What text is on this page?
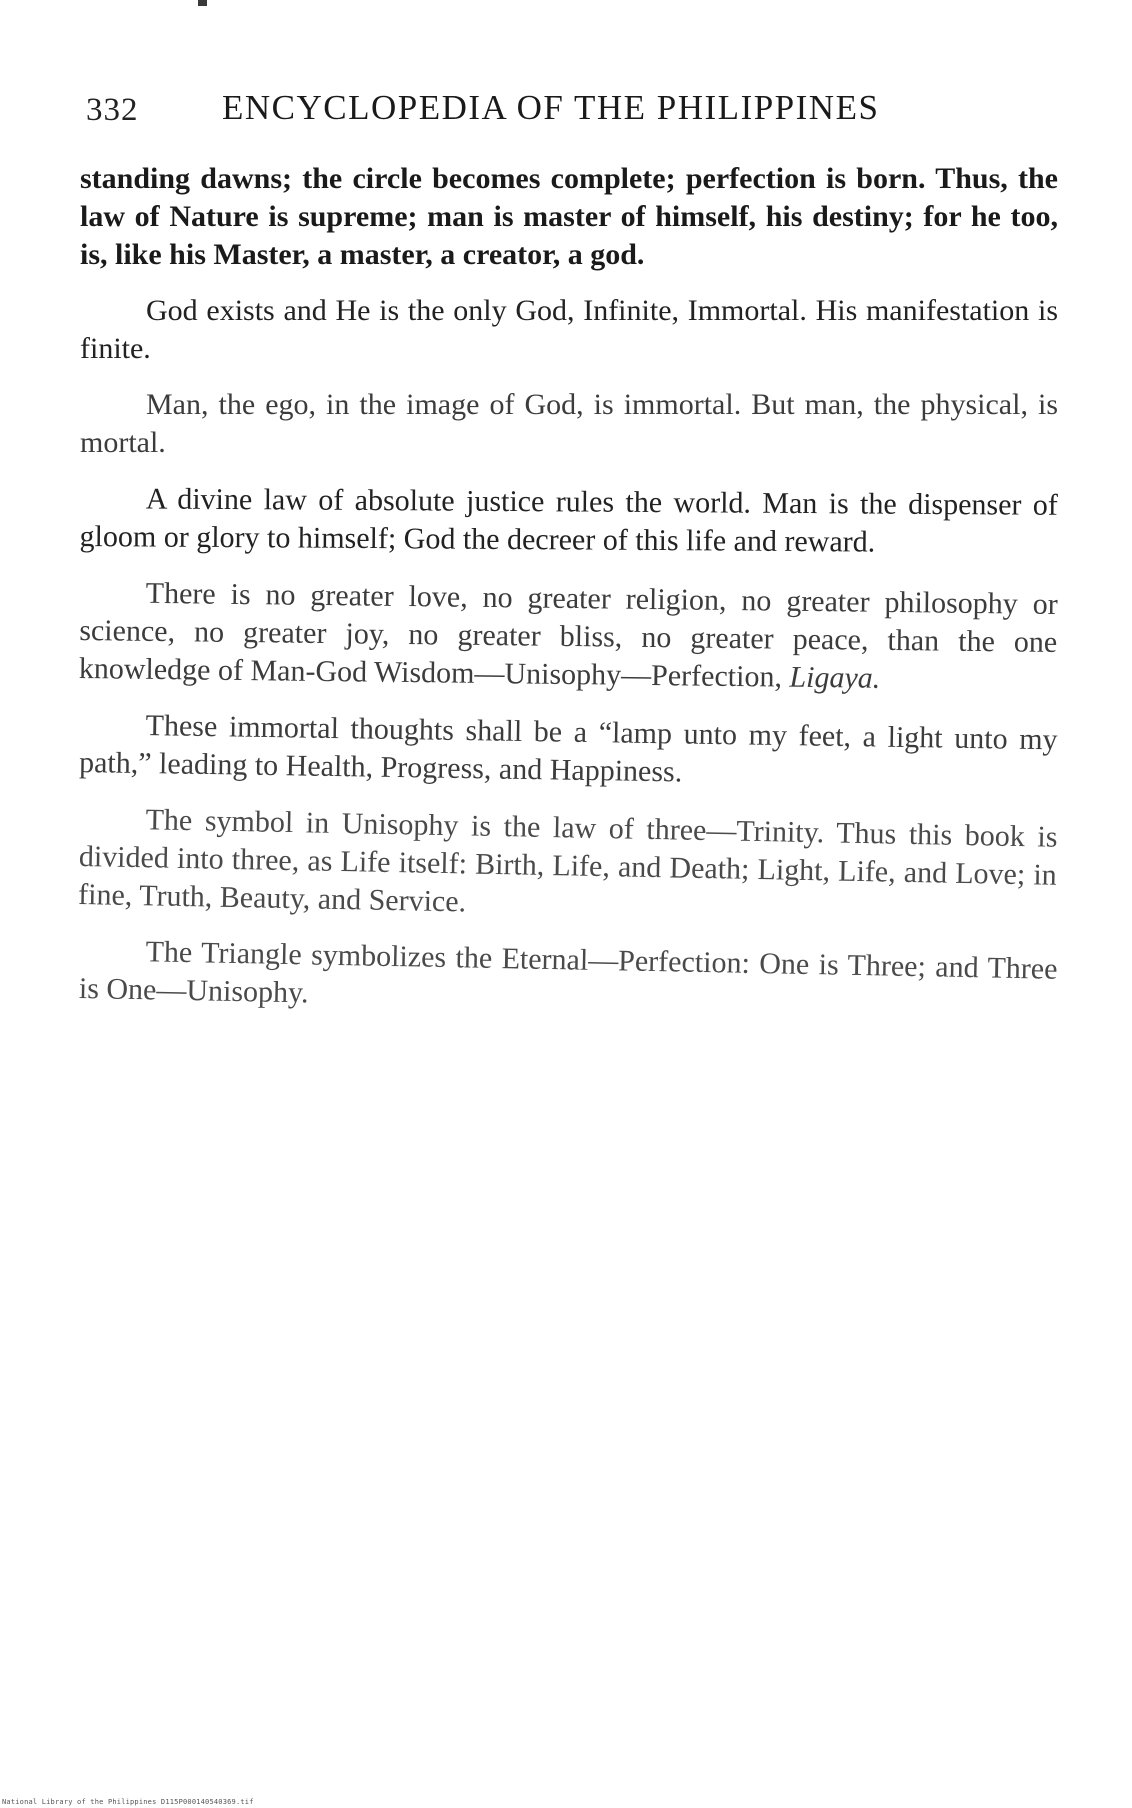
332 ENCYCLOPEDIA OF THE PHILIPPINES

standing dawns; the circle becomes complete; perfection is born. Thus, the law of Nature is supreme; man is master of himself, his destiny; for he too, is, like his Master, a master, a creator, a god.

God exists and He is the only God, Infinite, Immortal. His manifestation is finite.

Man, the ego, in the image of God, is immortal. But man, the physical, is mortal.

A divine law of absolute justice rules the world. Man is the dispenser of gloom or glory to himself; God the decreer of this life and reward.

There is no greater love, no greater religion, no greater philosophy or science, no greater joy, no greater bliss, no greater peace, than the one knowledge of Man-God Wisdom—Unisophy—Perfection, Ligaya.

These immortal thoughts shall be a “lamp unto my feet, a light unto my path,” leading to Health, Progress, and Happiness.

The symbol in Unisophy is the law of three—Trinity. Thus this book is divided into three, as Life itself: Birth, Life, and Death; Light, Life, and Love; in fine, Truth, Beauty, and Service.

The Triangle symbolizes the Eternal—Perfection: One is Three; and Three is One—Unisophy.

National Library of the Philippines D115P000140540369.tif
